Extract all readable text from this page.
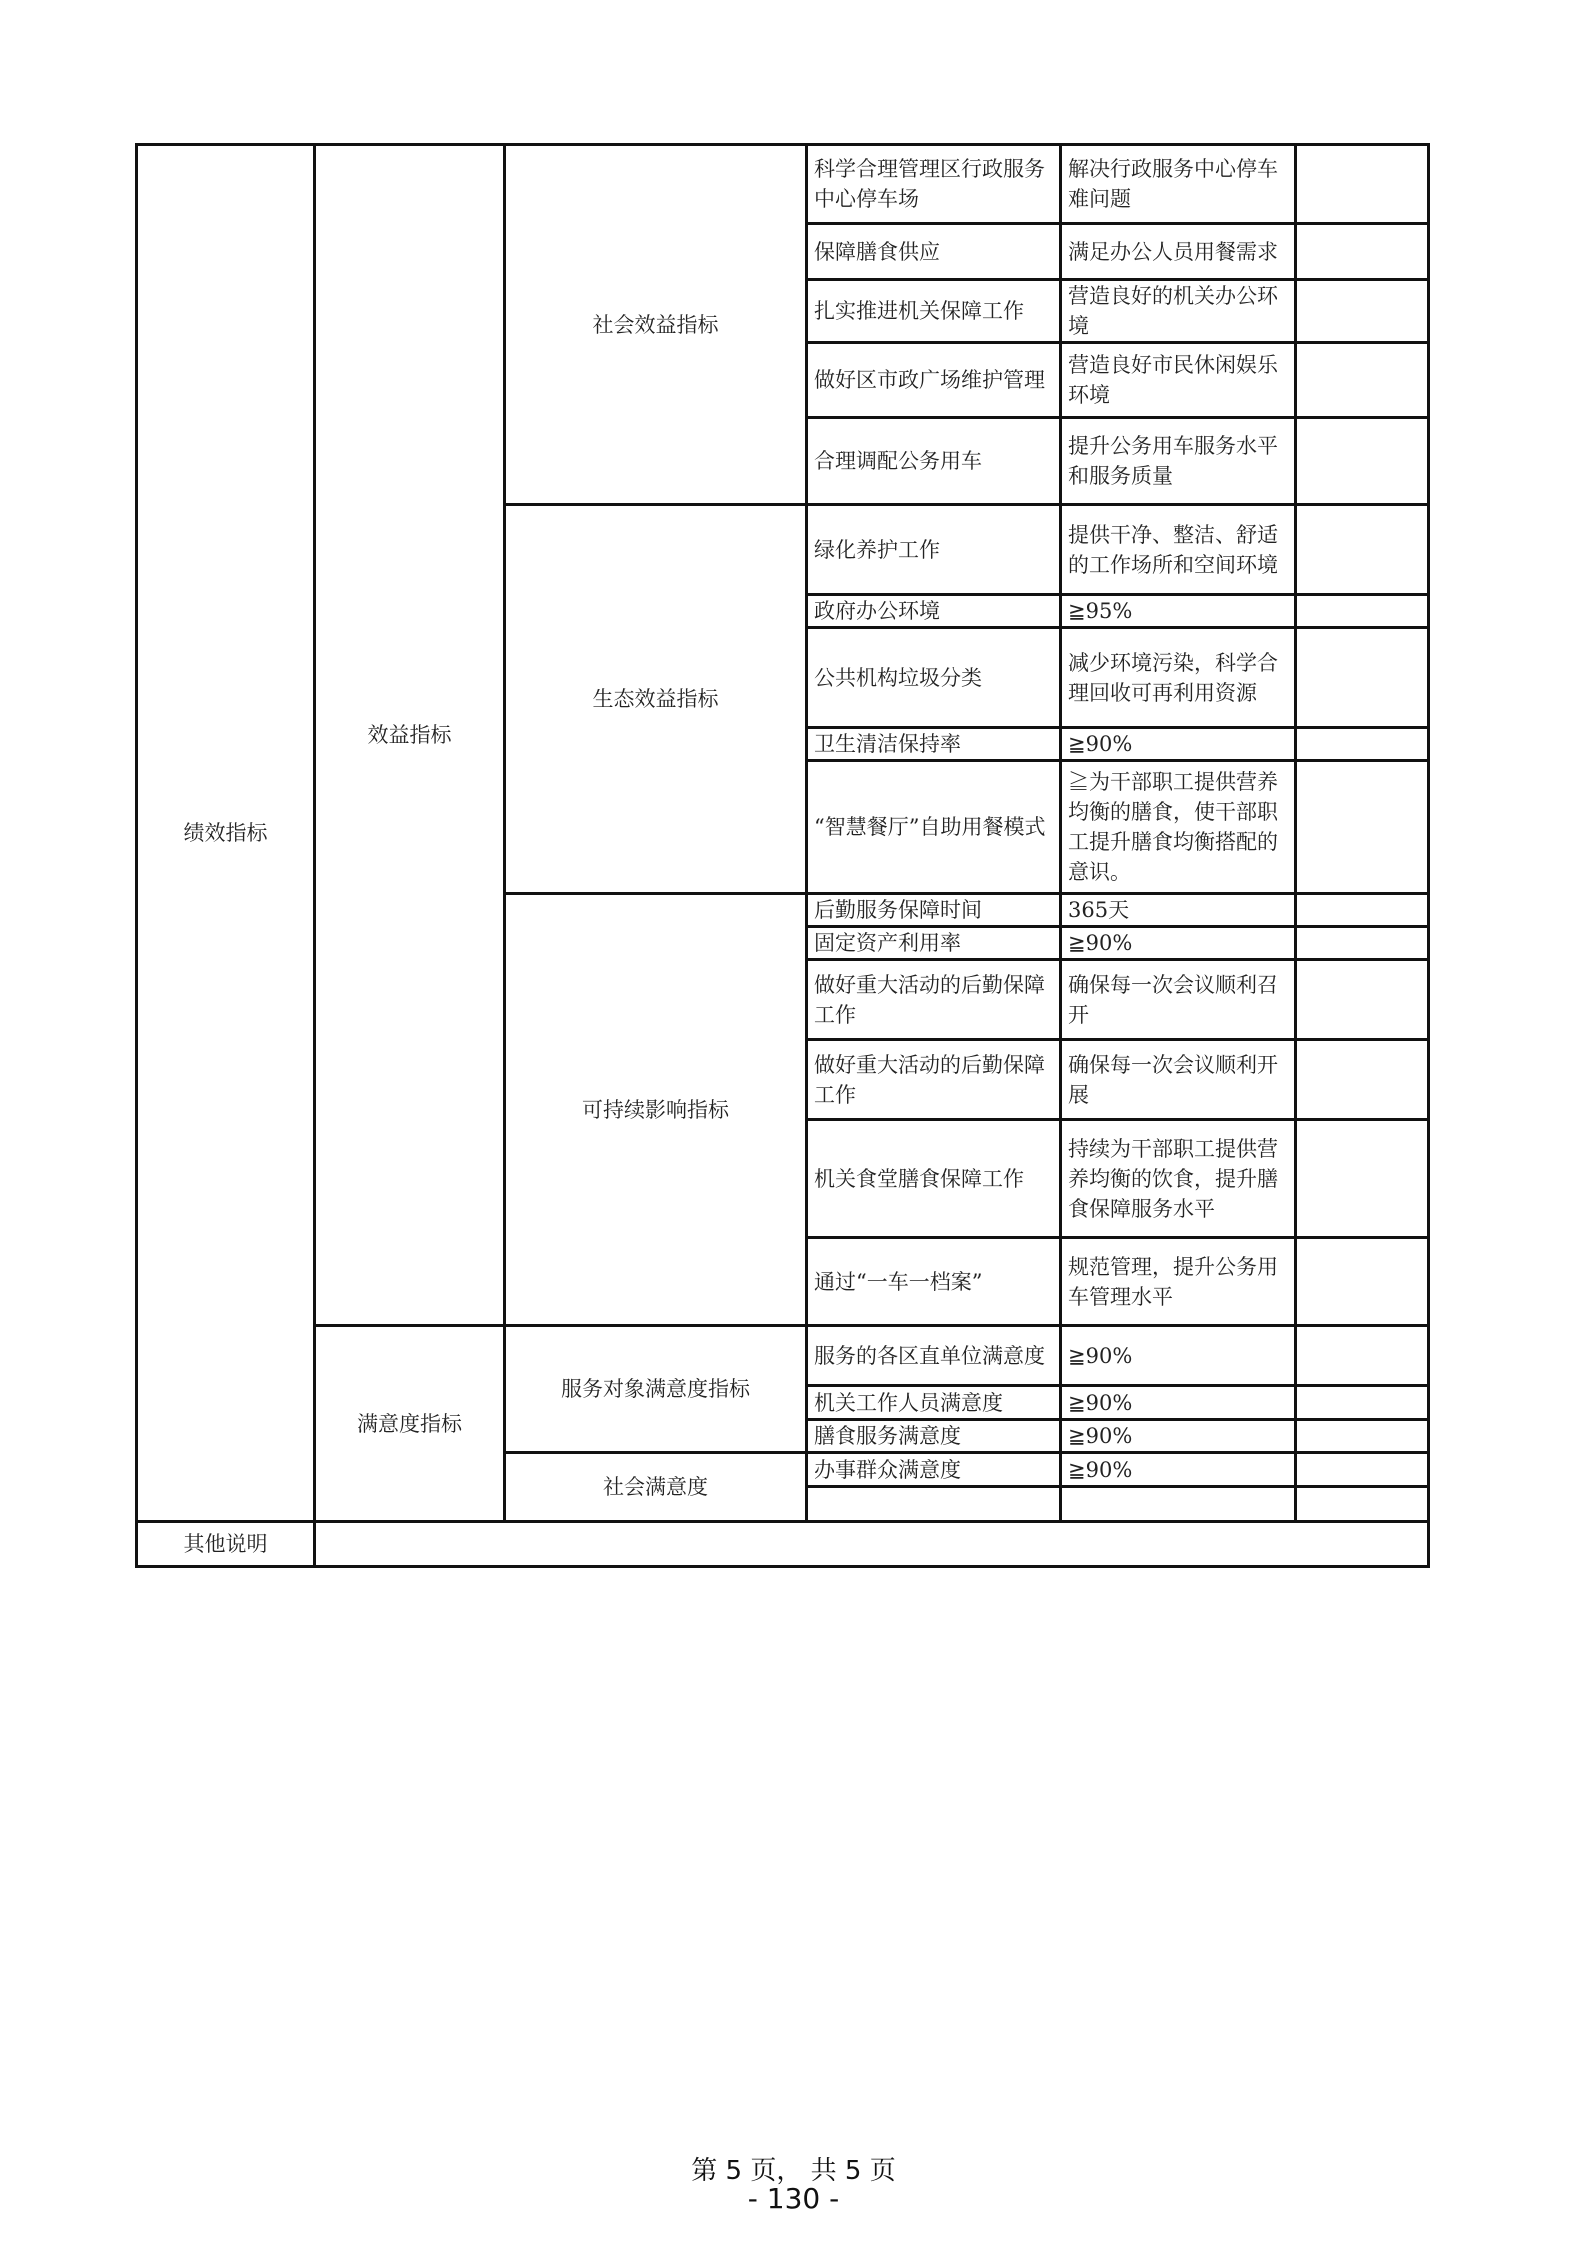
绩效指标	效益指标	社会效益指标	科学合理管理区行政服务中心停车场	解决行政服务中心停车难问题	
			保障膳食供应	满足办公人员用餐需求	
			扎实推进机关保障工作	营造良好的机关办公环境	
			做好区市政广场维护管理	营造良好市民休闲娱乐环境	
			合理调配公务用车	提升公务用车服务水平和服务质量	
		生态效益指标	绿化养护工作	提供干净、整洁、舒适的工作场所和空间环境	
			政府办公环境	≧95%	
			公共机构垃圾分类	减少环境污染，科学合理回收可再利用资源	
			卫生清洁保持率	≧90%	
			“智慧餐厅”自助用餐模式	≧为干部职工提供营养均衡的膳食，使干部职工提升膳食均衡搭配的意识。	
		可持续影响指标	后勤服务保障时间	365天	
			固定资产利用率	≧90%	
			做好重大活动的后勤保障工作	确保每一次会议顺利召开	
			做好重大活动的后勤保障工作	确保每一次会议顺利开展	
			机关食堂膳食保障工作	持续为干部职工提供营养均衡的饮食，提升膳食保障服务水平	
			通过“一车一档案”	规范管理，提升公务用车管理水平	
	满意度指标	服务对象满意度指标	服务的各区直单位满意度	≧90%	
			机关工作人员满意度	≧90%	
			膳食服务满意度	≧90%	
		社会满意度	办事群众满意度	≧90%	

其他说明					
第 5 页， 共 5 页
- 130 -
